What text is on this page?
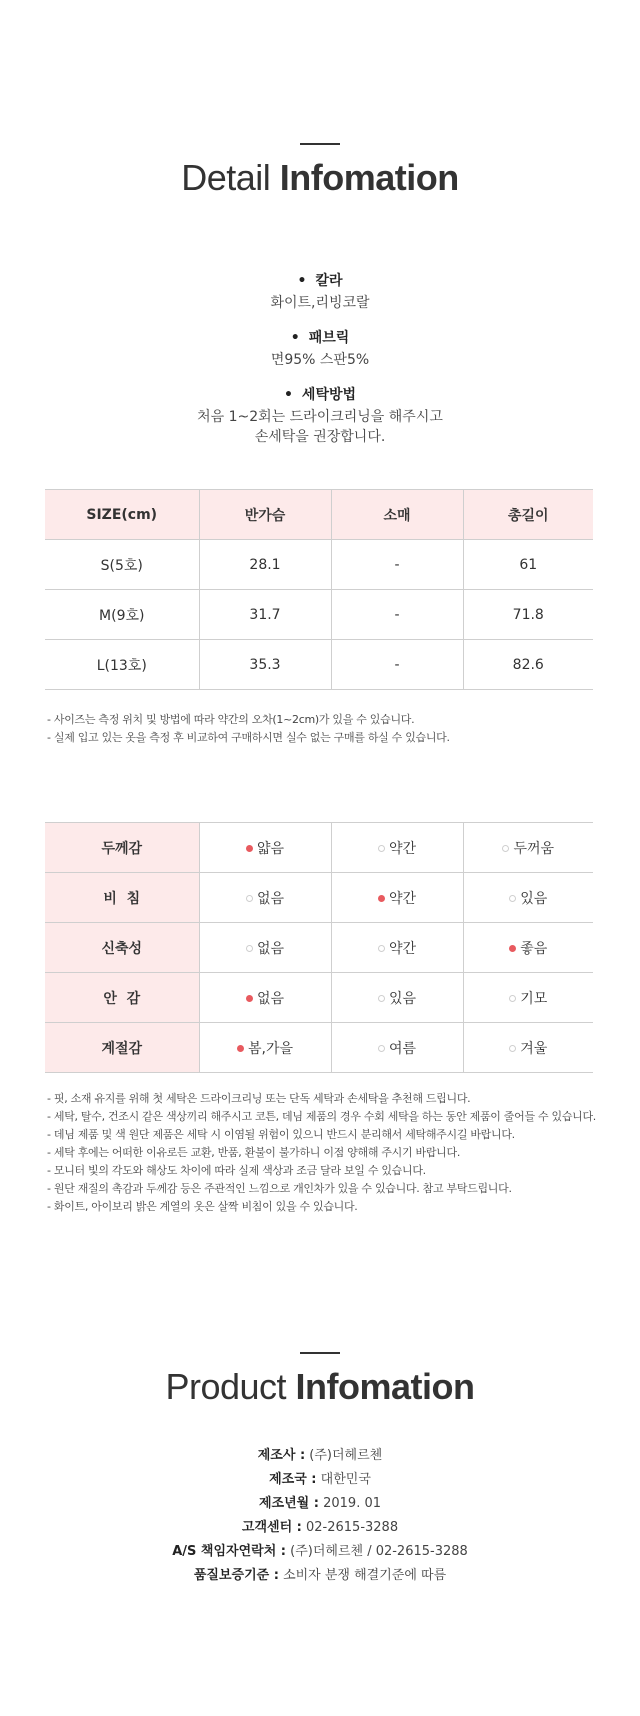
Detail Infomation
• 칼라
화이트,리빙코랄
• 패브릭
면95% 스판5%
• 세탁방법
처음 1~2회는 드라이크리닝을 해주시고
손세탁을 권장합니다.
SIZE(cm)	반가슴	소매	총길이
S(5호)	28.1	-	61
M(9호)	31.7	-	71.8
L(13호)	35.3	-	82.6
- 사이즈는 측정 위치 및 방법에 따라 약간의 오차(1~2cm)가 있을 수 있습니다.
- 실제 입고 있는 옷을 측정 후 비교하여 구매하시면 실수 없는 구매를 하실 수 있습니다.
두께감	얇음	약간	두꺼움
비  침	없음	약간	있음
신축성	없음	약간	좋음
안  감	없음	있음	기모
계절감	봄,가을	여름	겨울
- 핏, 소재 유지를 위해 첫 세탁은 드라이크리닝 또는 단독 세탁과 손세탁을 추천해 드립니다.
- 세탁, 탈수, 건조시 같은 색상끼리 해주시고 코튼, 데님 제품의 경우 수회 세탁을 하는 동안 제품이 줄어들 수 있습니다.
- 데님 제품 및 색 원단 제품은 세탁 시 이염될 위험이 있으니 반드시 분리해서 세탁해주시길 바랍니다.
- 세탁 후에는 어떠한 이유로든 교환, 반품, 환불이 불가하니 이점 양해해 주시기 바랍니다.
- 모니터 빛의 각도와 해상도 차이에 따라 실제 색상과 조금 달라 보일 수 있습니다.
- 원단 재질의 촉감과 두께감 등은 주관적인 느낌으로 개인차가 있을 수 있습니다. 참고 부탁드립니다.
- 화이트, 아이보리 밝은 계열의 옷은 살짝 비침이 있을 수 있습니다.
Product Infomation
제조사 : (주)더헤르첸
제조국 : 대한민국
제조년월 : 2019. 01
고객센터 : 02-2615-3288
A/S 책임자연락처 : (주)더헤르첸 / 02-2615-3288
품질보증기준 : 소비자 분쟁 해결기준에 따름
